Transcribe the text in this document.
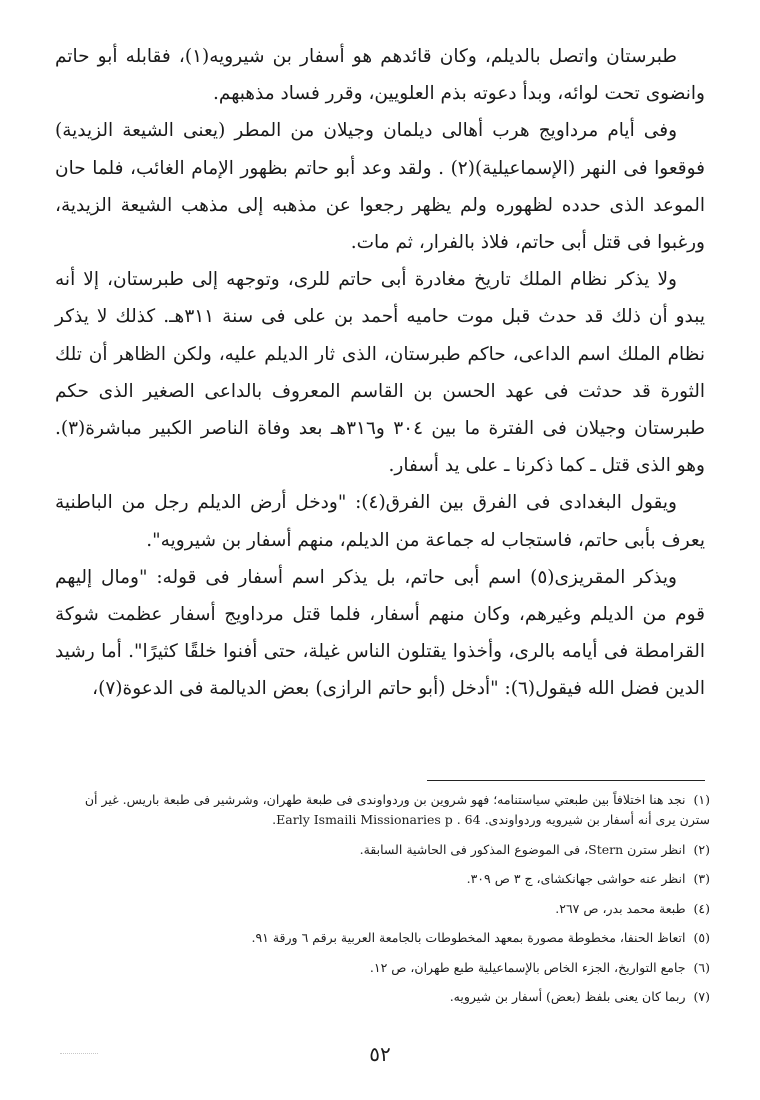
طبرستان واتصل بالديلم، وكان قائدهم هو أسفار بن شيرويه(١)، فقابله أبو حاتم وانضوى تحت لوائه، وبدأ دعوته بذم العلويين، وقرر فساد مذهبهم.

وفى أيام مرداويج هرب أهالى ديلمان وجيلان من المطر (يعنى الشيعة الزيدية) فوقعوا فى النهر (الإسماعيلية)(٢) . ولقد وعد أبو حاتم بظهور الإمام الغائب، فلما حان الموعد الذى حدده لظهوره ولم يظهر رجعوا عن مذهبه إلى مذهب الشيعة الزيدية، ورغبوا فى قتل أبى حاتم، فلاذ بالفرار، ثم مات.

ولا يذكر نظام الملك تاريخ مغادرة أبى حاتم للرى، وتوجهه إلى طبرستان، إلا أنه يبدو أن ذلك قد حدث قبل موت حاميه أحمد بن على فى سنة ٣١١هـ. كذلك لا يذكر نظام الملك اسم الداعى، حاكم طبرستان، الذى ثار الديلم عليه، ولكن الظاهر أن تلك الثورة قد حدثت فى عهد الحسن بن القاسم المعروف بالداعى الصغير الذى حكم طبرستان وجيلان فى الفترة ما بين ٣٠٤ و٣١٦هـ بعد وفاة الناصر الكبير مباشرة(٣). وهو الذى قتل ـ كما ذكرنا ـ على يد أسفار.

ويقول البغدادى فى الفرق بين الفرق(٤): "ودخل أرض الديلم رجل من الباطنية يعرف بأبى حاتم، فاستجاب له جماعة من الديلم، منهم أسفار بن شيرويه".

ويذكر المقريزى(٥) اسم أبى حاتم، بل يذكر اسم أسفار فى قوله: "ومال إليهم قوم من الديلم وغيرهم، وكان منهم أسفار، فلما قتل مرداويج أسفار عظمت شوكة القرامطة فى أيامه بالرى، وأخذوا يقتلون الناس غيلة، حتى أفنوا خلقًا كثيرًا". أما رشيد الدين فضل الله فيقول(٦): "أدخل (أبو حاتم الرازى) بعض الديالمة فى الدعوة(٧)،

(١) نجد هنا اختلافاً بين طبعتي سياستنامه؛ فهو شروين بن وردواوندى فى طبعة طهران، وشرشير فى طبعة باريس. غير أن سترن يرى أنه أسفار بن شيرويه وردواوندى. Early Ismaili Missionaries p . 64.
(٢) انظر سترن Stern، فى الموضوع المذكور فى الحاشية السابقة.
(٣) انظر عنه حواشى جهانكشاى، ج ٣ ص ٣٠٩.
(٤) طبعة محمد بدر، ص ٢٦٧.
(٥) اتعاظ الحنفا، مخطوطة مصورة بمعهد المخطوطات بالجامعة العربية برقم ٦ ورقة ٩١.
(٦) جامع التواريخ، الجزء الخاص بالإسماعيلية طبع طهران، ص ١٢.
(٧) ربما كان يعنى بلفظ (بعض) أسفار بن شيرويه.
٥٢
